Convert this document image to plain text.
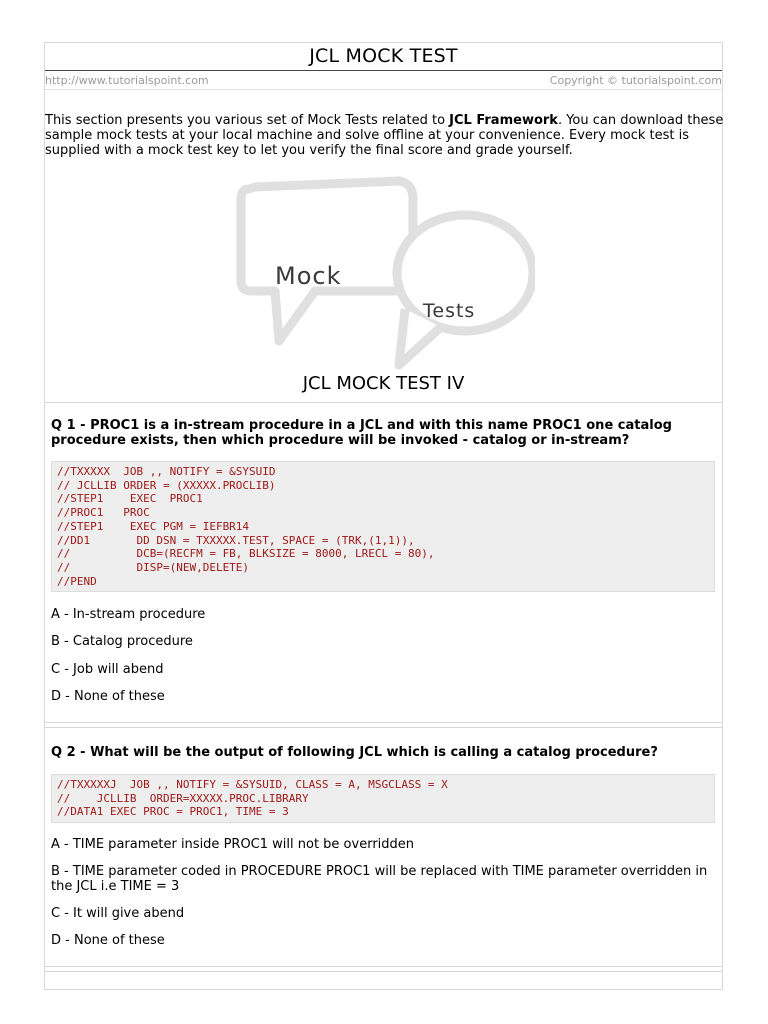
JCL MOCK TEST
http://www.tutorialspoint.com	Copyright © tutorialspoint.com
This section presents you various set of Mock Tests related to JCL Framework. You can download these sample mock tests at your local machine and solve offline at your convenience. Every mock test is supplied with a mock test key to let you verify the final score and grade yourself.
Mock
Tests
JCL MOCK TEST IV
Q 1 - PROC1 is a in-stream procedure in a JCL and with this name PROC1 one catalog procedure exists, then which procedure will be invoked - catalog or in-stream?
//TXXXXX  JOB ,, NOTIFY = &SYSUID
// JCLLIB ORDER = (XXXXX.PROCLIB)
//STEP1    EXEC  PROC1
//PROC1   PROC
//STEP1    EXEC PGM = IEFBR14
//DD1       DD DSN = TXXXXX.TEST, SPACE = (TRK,(1,1)),
//          DCB=(RECFM = FB, BLKSIZE = 8000, LRECL = 80),
//          DISP=(NEW,DELETE)
//PEND
A - In-stream procedure
B - Catalog procedure
C - Job will abend
D - None of these
Q 2 - What will be the output of following JCL which is calling a catalog procedure?
//TXXXXXJ  JOB ,, NOTIFY = &SYSUID, CLASS = A, MSGCLASS = X
//    JCLLIB  ORDER=XXXXX.PROC.LIBRARY
//DATA1 EXEC PROC = PROC1, TIME = 3
A - TIME parameter inside PROC1 will not be overridden
B - TIME parameter coded in PROCEDURE PROC1 will be replaced with TIME parameter overridden in the JCL i.e TIME = 3
C - It will give abend
D - None of these
